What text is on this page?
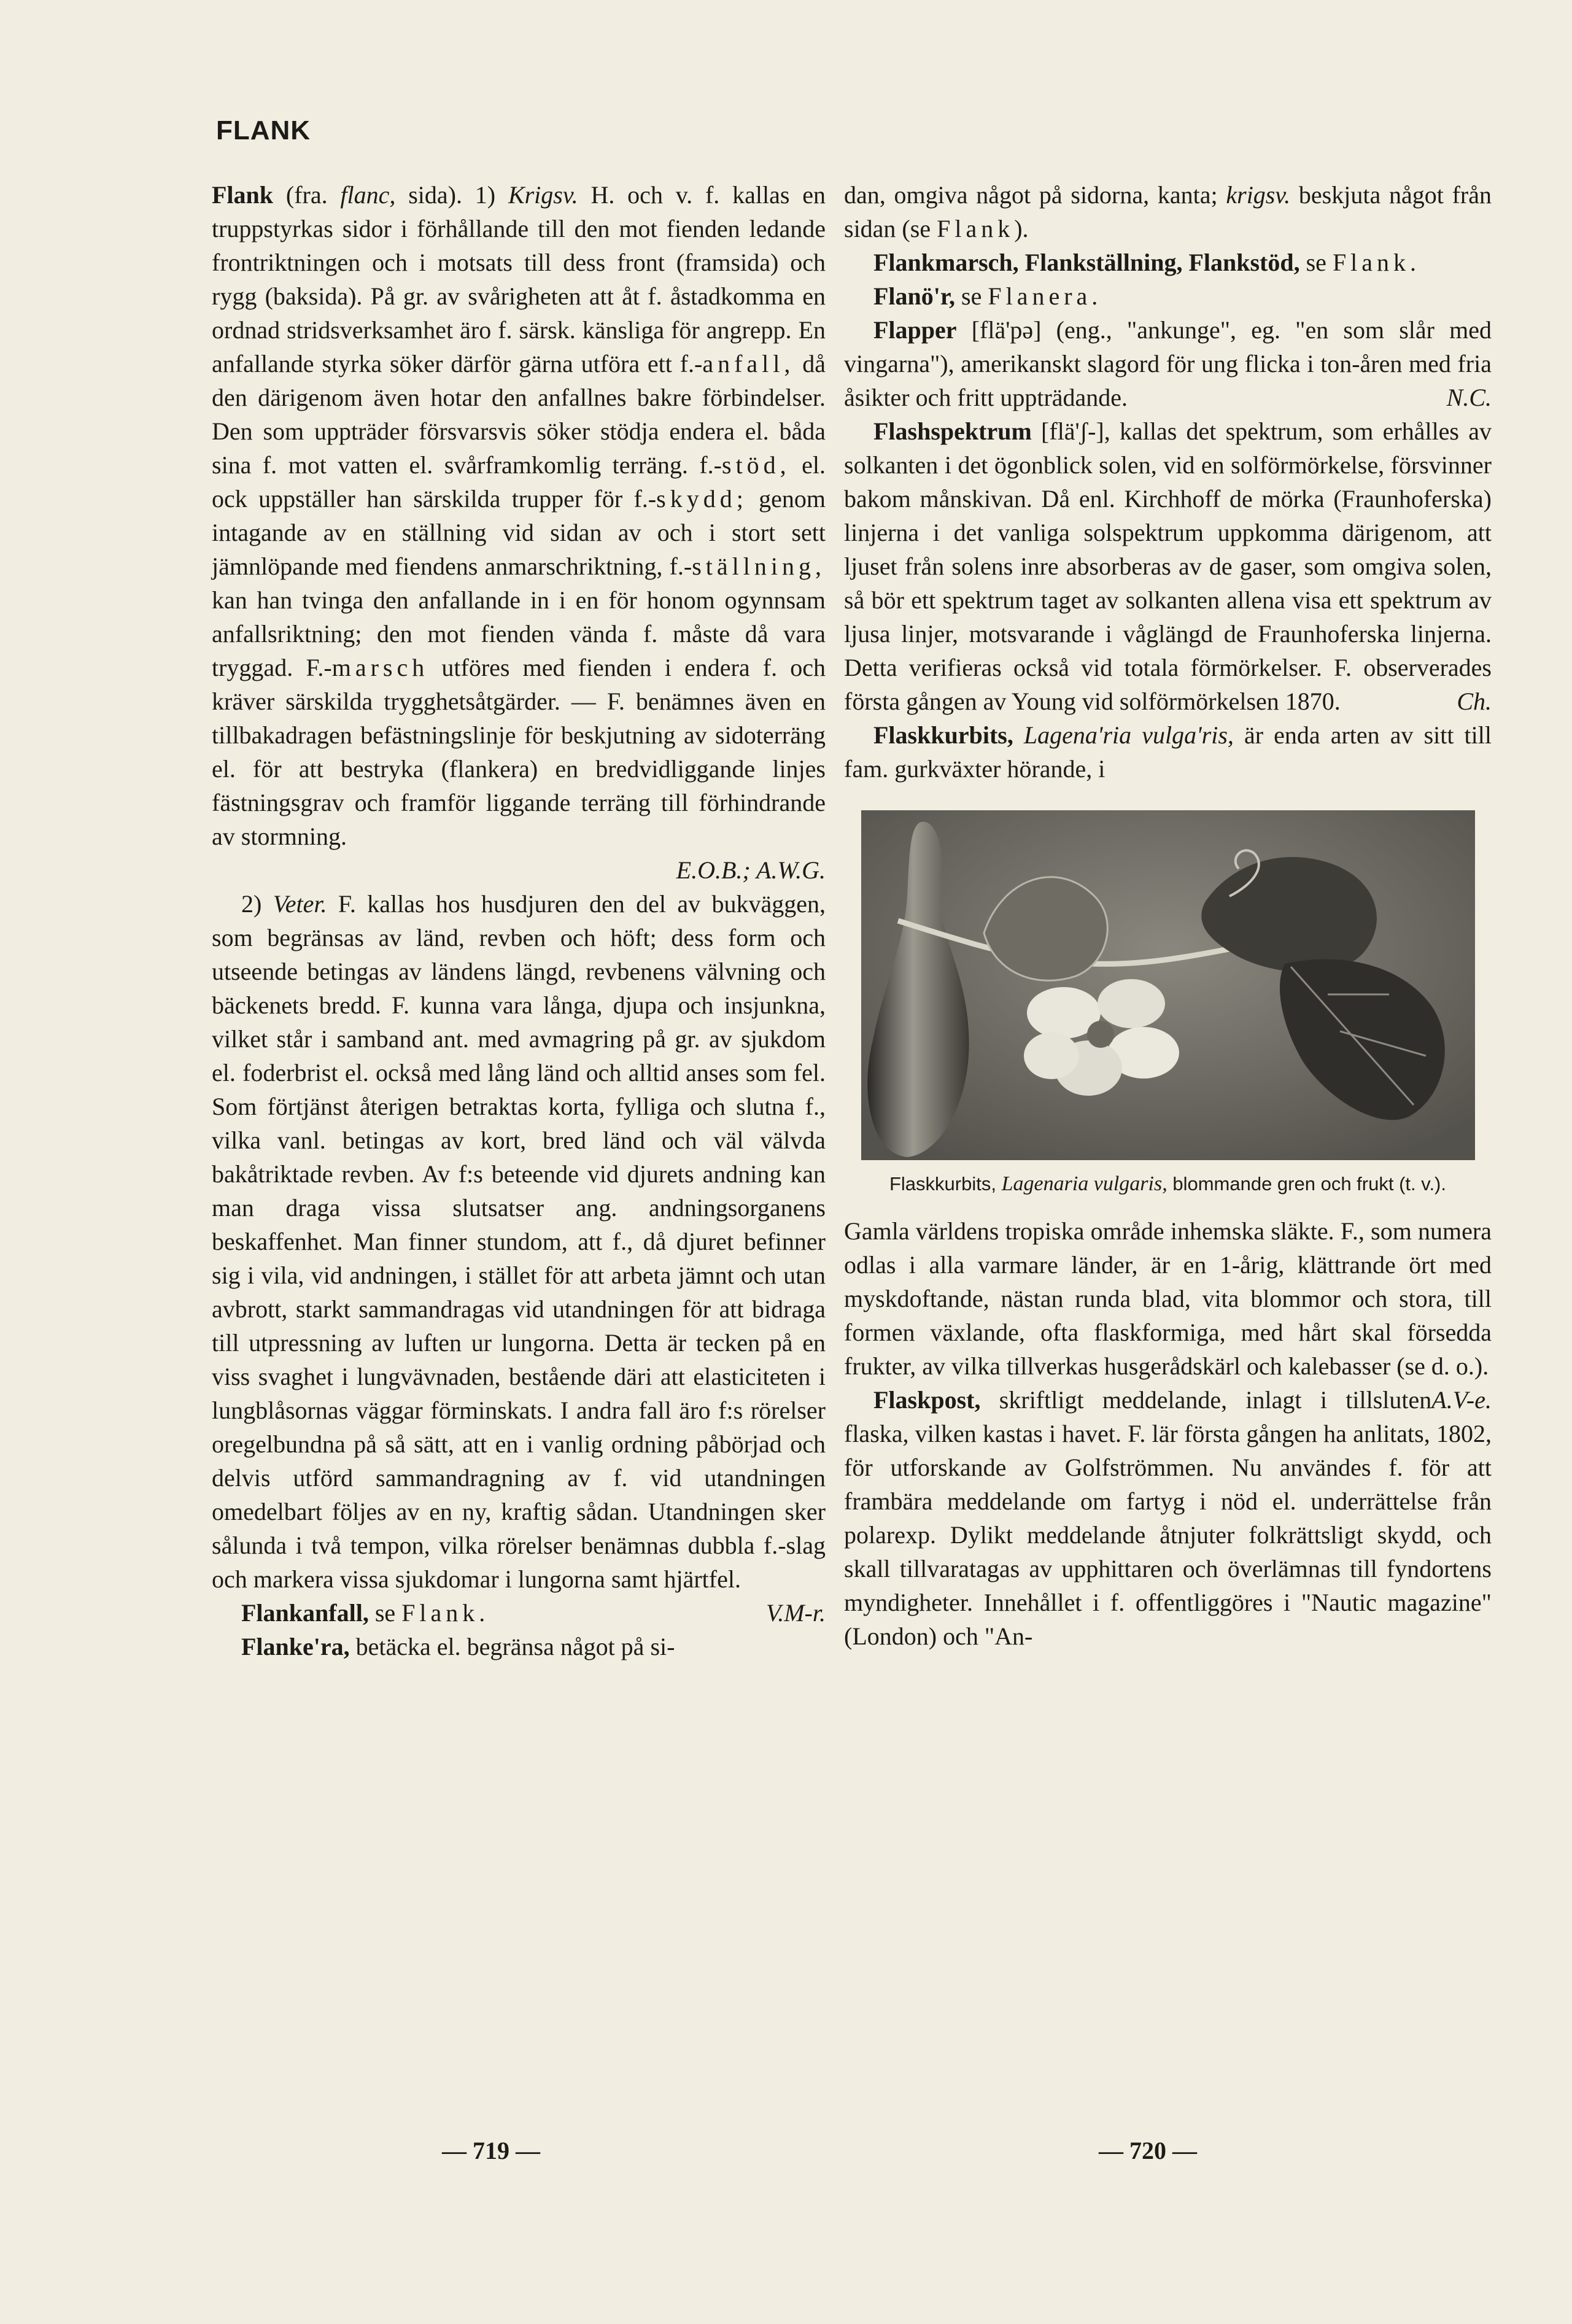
FLANK

Flank (fra. flanc, sida). 1) Krigsv. H. och v. f. kallas en truppstyrkas sidor i förhållande till den mot fienden ledande frontriktningen och i motsats till dess front (framsida) och rygg (baksida). På gr. av svårigheten att åt f. åstadkomma en ordnad stridsverksamhet äro f. särsk. känsliga för angrepp. En anfallande styrka söker därför gärna utföra ett f.-anfall, då den därigenom även hotar den anfallnes bakre förbindelser. Den som uppträder försvarsvis söker stödja endera el. båda sina f. mot vatten el. svårframkomlig terräng. f.-stöd, el. ock uppställer han särskilda trupper för f.-skydd; genom intagande av en ställning vid sidan av och i stort sett jämnlöpande med fiendens anmarschriktning, f.-ställning, kan han tvinga den anfallande in i en för honom ogynnsam anfallsriktning; den mot fienden vända f. måste då vara tryggad. F.-marsch utföres med fienden i endera f. och kräver särskilda trygghetsåtgärder. — F. benämnes även en tillbakadragen befästningslinje för beskjutning av sidoterräng el. för att bestryka (flankera) en bredvidliggande linjes fästningsgrav och framför liggande terräng till förhindrande av stormning.
E.O.B.; A.W.G.

2) Veter. F. kallas hos husdjuren den del av bukväggen, som begränsas av länd, revben och höft; dess form och utseende betingas av ländens längd, revbenens välvning och bäckenets bredd. F. kunna vara långa, djupa och insjunkna, vilket står i samband ant. med avmagring på gr. av sjukdom el. foderbrist el. också med lång länd och alltid anses som fel. Som förtjänst återigen betraktas korta, fylliga och slutna f., vilka vanl. betingas av kort, bred länd och väl välvda bakåtriktade revben. Av f:s beteende vid djurets andning kan man draga vissa slutsatser ang. andningsorganens beskaffenhet. Man finner stundom, att f., då djuret befinner sig i vila, vid andningen, i stället för att arbeta jämnt och utan avbrott, starkt sammandragas vid utandningen för att bidraga till utpressning av luften ur lungorna. Detta är tecken på en viss svaghet i lungvävnaden, bestående däri att elasticiteten i lungblåsornas väggar förminskats. I andra fall äro f:s rörelser oregelbundna på så sätt, att en i vanlig ordning påbörjad och delvis utförd sammandragning av f. vid utandningen omedelbart följes av en ny, kraftig sådan. Utandningen sker sålunda i två tempon, vilka rörelser benämnas dubbla f.-slag och markera vissa sjukdomar i lungorna samt hjärtfel.
V.M-r.

Flankanfall, se Flank.

Flanke'ra, betäcka el. begränsa något på si-

dan, omgiva något på sidorna, kanta; krigsv. beskjuta något från sidan (se Flank).

Flankmarsch, Flankställning, Flankstöd, se Flank.

Flanö'r, se Flanera.

Flapper [flä'pə] (eng., "ankunge", eg. "en som slår med vingarna"), amerikanskt slagord för ung flicka i ton-åren med fria åsikter och fritt uppträdande.	N.C.

Flashspektrum [flä'ʃ-], kallas det spektrum, som erhålles av solkanten i det ögonblick solen, vid en solförmörkelse, försvinner bakom månskivan. Då enl. Kirchhoff de mörka (Fraunhoferska) linjerna i det vanliga solspektrum uppkomma därigenom, att ljuset från solens inre absorberas av de gaser, som omgiva solen, så bör ett spektrum taget av solkanten allena visa ett spektrum av ljusa linjer, motsvarande i våglängd de Fraunhoferska linjerna. Detta verifieras också vid totala förmörkelser. F. observerades första gången av Young vid solförmörkelsen 1870.	Ch.

Flaskkurbits, Lagena'ria vulga'ris, är enda arten av sitt till fam. gurkväxter hörande, i

Flaskkurbits, Lagenaria vulgaris, blommande gren och frukt (t. v.).

Gamla världens tropiska område inhemska släkte. F., som numera odlas i alla varmare länder, är en 1-årig, klättrande ört med myskdoftande, nästan runda blad, vita blommor och stora, till formen växlande, ofta flaskformiga, med hårt skal försedda frukter, av vilka tillverkas husgerådskärl och kalebasser (se d. o.).
A.V-e.

Flaskpost, skriftligt meddelande, inlagt i tillsluten flaska, vilken kastas i havet. F. lär första gången ha anlitats, 1802, för utforskande av Golfströmmen. Nu användes f. för att frambära meddelande om fartyg i nöd el. underrättelse från polarexp. Dylikt meddelande åtnjuter folkrättsligt skydd, och skall tillvaratagas av upphittaren och överlämnas till fyndortens myndigheter. Innehållet i f. offentliggöres i "Nautic magazine" (London) och "An-

— 719 —	— 720 —
